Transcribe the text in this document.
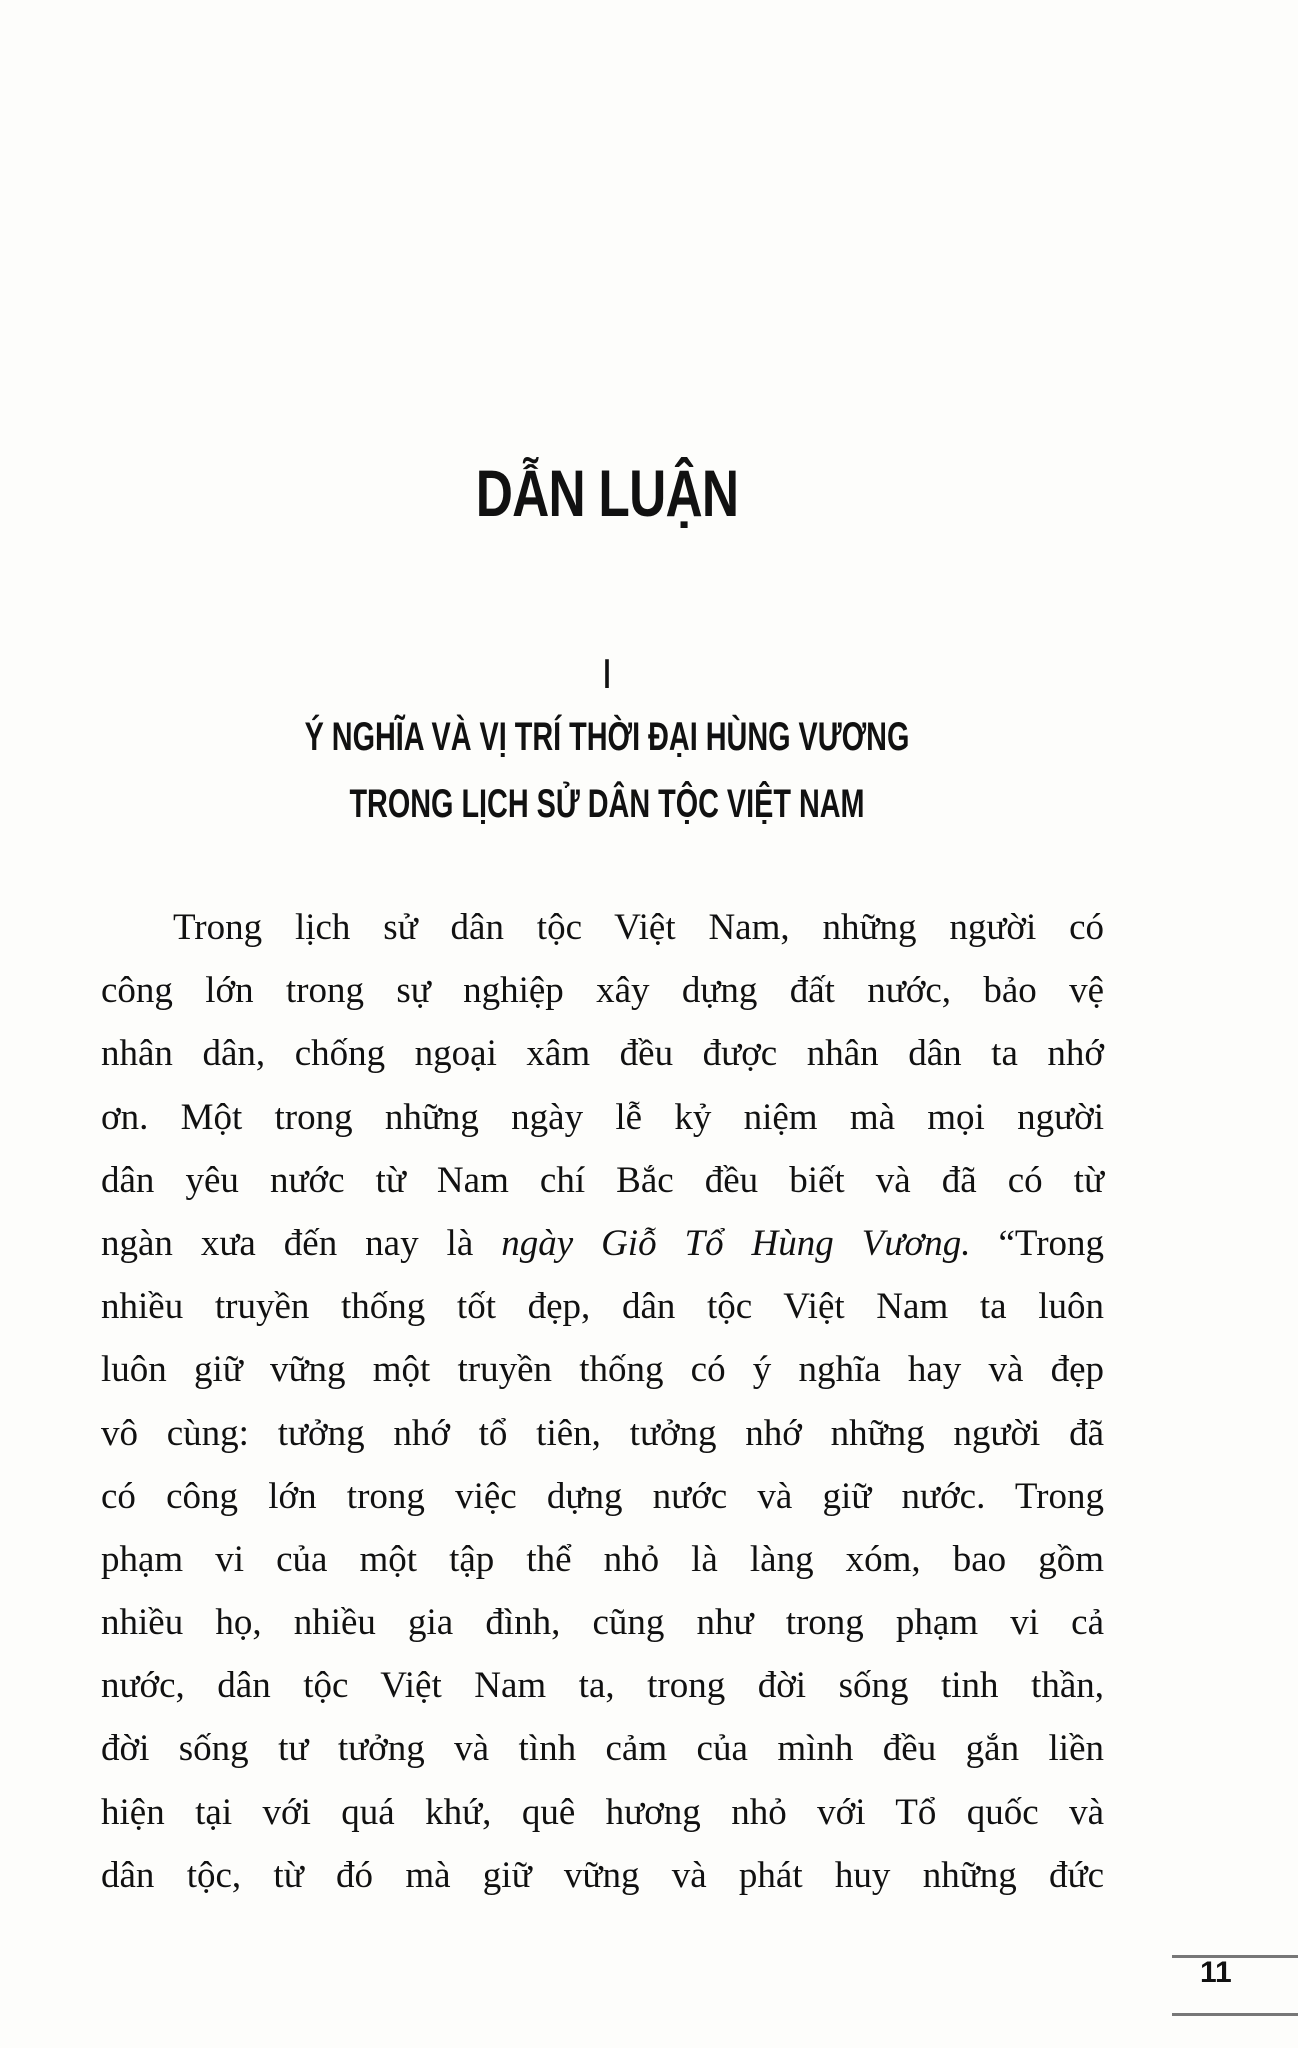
DẪN LUẬN
I
Ý NGHĨA VÀ VỊ TRÍ THỜI ĐẠI HÙNG VƯƠNG
TRONG LỊCH SỬ DÂN TỘC VIỆT NAM
Trong lịch sử dân tộc Việt Nam, những người có
công lớn trong sự nghiệp xây dựng đất nước, bảo vệ
nhân dân, chống ngoại xâm đều được nhân dân ta nhớ
ơn. Một trong những ngày lễ kỷ niệm mà mọi người
dân yêu nước từ Nam chí Bắc đều biết và đã có từ
ngàn xưa đến nay là ngày Giỗ Tổ Hùng Vương. “Trong
nhiều truyền thống tốt đẹp, dân tộc Việt Nam ta luôn
luôn giữ vững một truyền thống có ý nghĩa hay và đẹp
vô cùng: tưởng nhớ tổ tiên, tưởng nhớ những người đã
có công lớn trong việc dựng nước và giữ nước. Trong
phạm vi của một tập thể nhỏ là làng xóm, bao gồm
nhiều họ, nhiều gia đình, cũng như trong phạm vi cả
nước, dân tộc Việt Nam ta, trong đời sống tinh thần,
đời sống tư tưởng và tình cảm của mình đều gắn liền
hiện tại với quá khứ, quê hương nhỏ với Tổ quốc và
dân tộc, từ đó mà giữ vững và phát huy những đức
11
